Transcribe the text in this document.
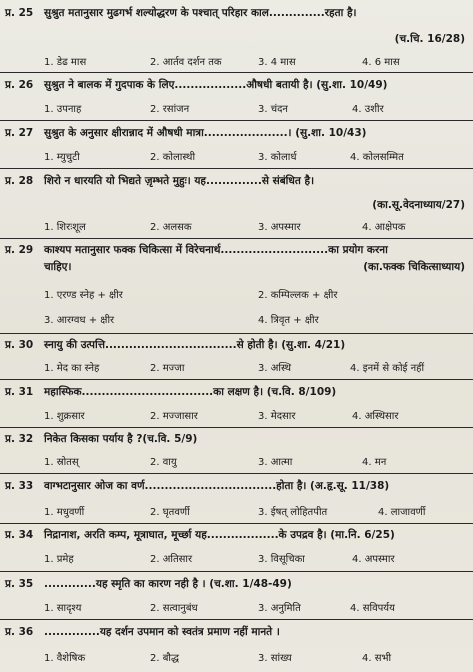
प्र. 25 सुश्रुत मतानुसार मुढगर्भ शल्योद्धरण के पश्चात् परिहार काल..............रहता है।
(च.चि. 16/28)
1. डेढ मास	2. आर्तव दर्शन तक	3. 4 मास	4. 6 मास
प्र. 26 सुश्रुत ने बालक में गुदपाक के लिए..................औषधी बतायी है। (सु.शा. 10/49)
1. उपनाह	2. रसांजन	3. चंदन	4. उशीर
प्र. 27 सुश्रुत के अनुसार क्षीरान्नाद में औषधी मात्रा.....................। (सु.शा. 10/43)
1. म्युचुटी	2. कोलास्थी	3. कोलार्ध	4. कोलसम्मित
प्र. 28 शिरो न धारयति यो भिद्यते ज़ृम्भते मुहुः। यह..............से संबंधित है।
(का.सू.वेदनाध्याय/27)
1. शिरःशूल	2. अलसक	3. अपस्मार	4. आक्षेपक
प्र. 29 काश्यप मतानुसार फक्क चिकित्सा में विरेचनार्थ...........................का प्रयोग करना
चाहिए।	(का.फक्क चिकित्साध्याय)
1. एरण्ड स्नेह + क्षीर	2. कम्पिल्लक + क्षीर
3. आरग्वध + क्षीर	4. त्रिवृत + क्षीर
प्र. 30 स्नायु की उत्पत्ति.................................से होती है। (सु.शा. 4/21)
1. मेद का स्नेह	2. मज्जा	3. अस्थि	4. इनमें से कोई नहीं
प्र. 31 महास्फिक.................................का लक्षण है। (च.वि. 8/109)
1. शुक्रसार	2. मज्जासार	3. मेदसार	4. अस्थिसार
प्र. 32 निकेत किसका पर्याय है ?(च.वि. 5/9)
1. स्रोतस्	2. वायु	3. आत्मा	4. मन
प्र. 33 वाग्भटानुसार ओज का वर्ण.................................होता है। (अ.हृ.सू. 11/38)
1. मधुवर्णी	2. घृतवर्णी	3. ईषत् लोहितपीत	4. लाजावर्णी
प्र. 34 निद्रानाश, अरति कम्प, मूत्राघात, मूर्च्छा यह..................के उपद्रव है। (मा.नि. 6/25)
1. प्रमेह	2. अतिसार	3. विसूचिका	4. अपस्मार
प्र. 35 .............यह स्मृति का कारण नही है । (च.शा. 1/48-49)
1. सादृश्य	2. सत्वानुबंध	3. अनुमिति	4. सविपर्यय
प्र. 36 ..............यह दर्शन उपमान को स्वतंत्र प्रमाण नहीं मानते ।
1. वैशेषिक	2. बौद्ध	3. सांख्य	4. सभी
